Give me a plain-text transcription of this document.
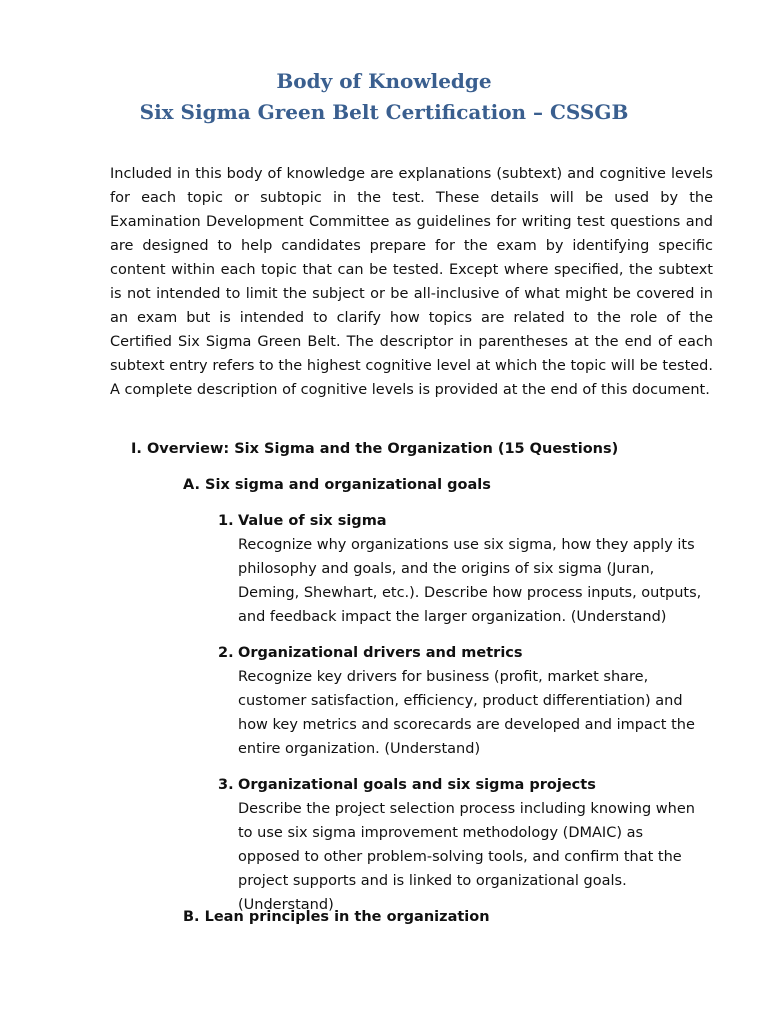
Body of Knowledge
Six Sigma Green Belt Certification – CSSGB

Included in this body of knowledge are explanations (subtext) and cognitive levels for each topic or subtopic in the test. These details will be used by the Examination Development Committee as guidelines for writing test questions and are designed to help candidates prepare for the exam by identifying specific content within each topic that can be tested. Except where specified, the subtext is not intended to limit the subject or be all-inclusive of what might be covered in an exam but is intended to clarify how topics are related to the role of the Certified Six Sigma Green Belt. The descriptor in parentheses at the end of each subtext entry refers to the highest cognitive level at which the topic will be tested. A complete description of cognitive levels is provided at the end of this document.

I. Overview: Six Sigma and the Organization (15 Questions)
A. Six sigma and organizational goals
1. Value of six sigma
Recognize why organizations use six sigma, how they apply its philosophy and goals, and the origins of six sigma (Juran, Deming, Shewhart, etc.). Describe how process inputs, outputs, and feedback impact the larger organization. (Understand)
2. Organizational drivers and metrics
Recognize key drivers for business (profit, market share, customer satisfaction, efficiency, product differentiation) and how key metrics and scorecards are developed and impact the entire organization. (Understand)
3. Organizational goals and six sigma projects
Describe the project selection process including knowing when to use six sigma improvement methodology (DMAIC) as opposed to other problem-solving tools, and confirm that the project supports and is linked to organizational goals. (Understand)
B. Lean principles in the organization
